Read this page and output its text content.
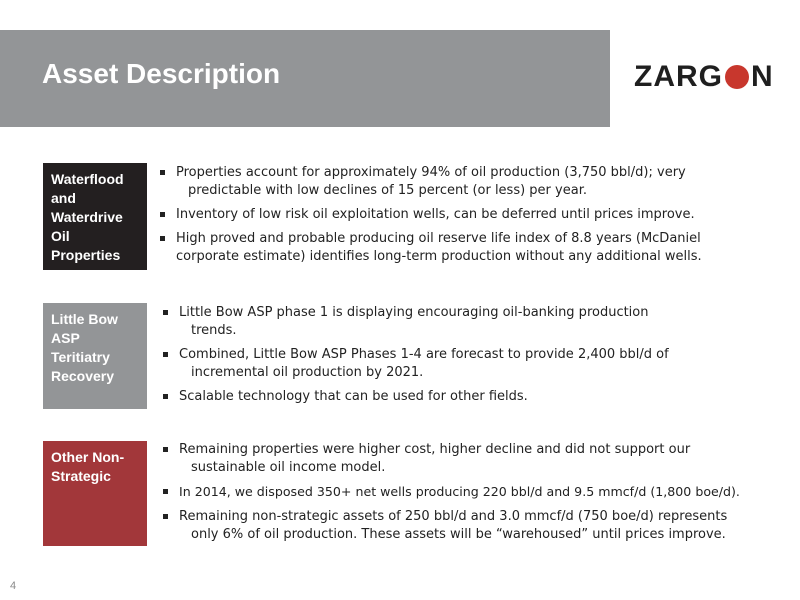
Asset Description	ZARG N
Waterflood and Waterdrive Oil Properties
Properties account for approximately 94% of oil production (3,750 bbl/d); very
predictable with low declines of 15 percent (or less) per year.
Inventory of low risk oil exploitation wells, can be deferred until prices improve.
High proved and probable producing oil reserve life index of 8.8 years (McDaniel
corporate estimate) identifies long-term production without any additional wells.
Little Bow ASP Teritiatry Recovery
Little Bow ASP phase 1 is displaying encouraging oil-banking production
trends.
Combined, Little Bow ASP Phases 1-4 are forecast to provide 2,400 bbl/d of
incremental oil production by 2021.
Scalable technology that can be used for other fields.
Other Non-Strategic
Remaining properties were higher cost, higher decline and did not support our
sustainable oil income model.
In 2014, we disposed 350+ net wells producing 220 bbl/d and 9.5 mmcf/d (1,800 boe/d).
Remaining non-strategic assets of 250 bbl/d and 3.0 mmcf/d (750 boe/d) represents
only 6% of oil production. These assets will be “warehoused” until prices improve.
4
